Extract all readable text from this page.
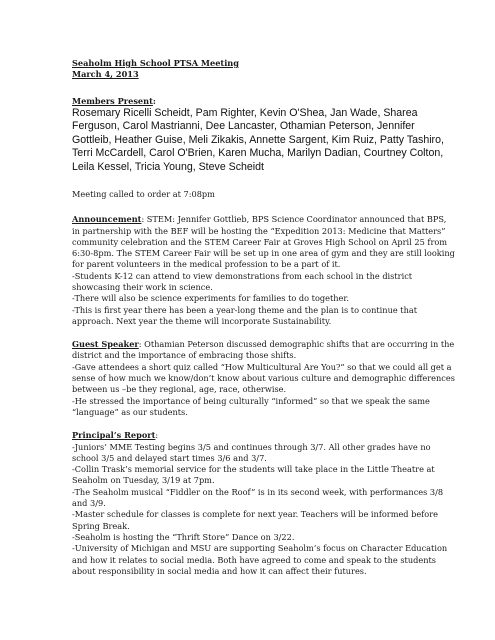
Seaholm High School PTSA Meeting

March 4, 2013

Members Present:

Rosemary Ricelli Scheidt, Pam Righter, Kevin O'Shea, Jan Wade, Sharea Ferguson, Carol Mastrianni, Dee Lancaster, Othamian Peterson, Jennifer Gottleib, Heather Guise, Meli Zikakis, Annette Sargent, Kim Ruiz, Patty Tashiro, Terri McCardell, Carol O'Brien, Karen Mucha, Marilyn Dadian, Courtney Colton, Leila Kessel, Tricia Young, Steve Scheidt

Meeting called to order at 7:08pm

Announcement: STEM: Jennifer Gottlieb, BPS Science Coordinator announced that BPS, in partnership with the BEF will be hosting the “Expedition 2013: Medicine that Matters” community celebration and the STEM Career Fair at Groves High School on April 25 from 6:30-8pm. The STEM Career Fair will be set up in one area of gym and they are still looking for parent volunteers in the medical profession to be a part of it.

-Students K-12 can attend to view demonstrations from each school in the district showcasing their work in science.

-There will also be science experiments for families to do together.

-This is first year there has been a year-long theme and the plan is to continue that approach. Next year the theme will incorporate Sustainability.

Guest Speaker: Othamian Peterson discussed demographic shifts that are occurring in the district and the importance of embracing those shifts.

-Gave attendees a short quiz called “How Multicultural Are You?” so that we could all get a sense of how much we know/don’t know about various culture and demographic differences between us –be they regional, age, race, otherwise.

-He stressed the importance of being culturally “informed” so that we speak the same “language” as our students.

Principal’s Report:

-Juniors’ MME Testing begins 3/5 and continues through 3/7. All other grades have no school 3/5 and delayed start times 3/6 and 3/7.

-Collin Trask’s memorial service for the students will take place in the Little Theatre at Seaholm on Tuesday, 3/19 at 7pm.

-The Seaholm musical “Fiddler on the Roof” is in its second week, with performances 3/8 and 3/9.

-Master schedule for classes is complete for next year. Teachers will be informed before Spring Break.

-Seaholm is hosting the “Thrift Store” Dance on 3/22.

-University of Michigan and MSU are supporting Seaholm’s focus on Character Education and how it relates to social media. Both have agreed to come and speak to the students about responsibility in social media and how it can affect their futures.
